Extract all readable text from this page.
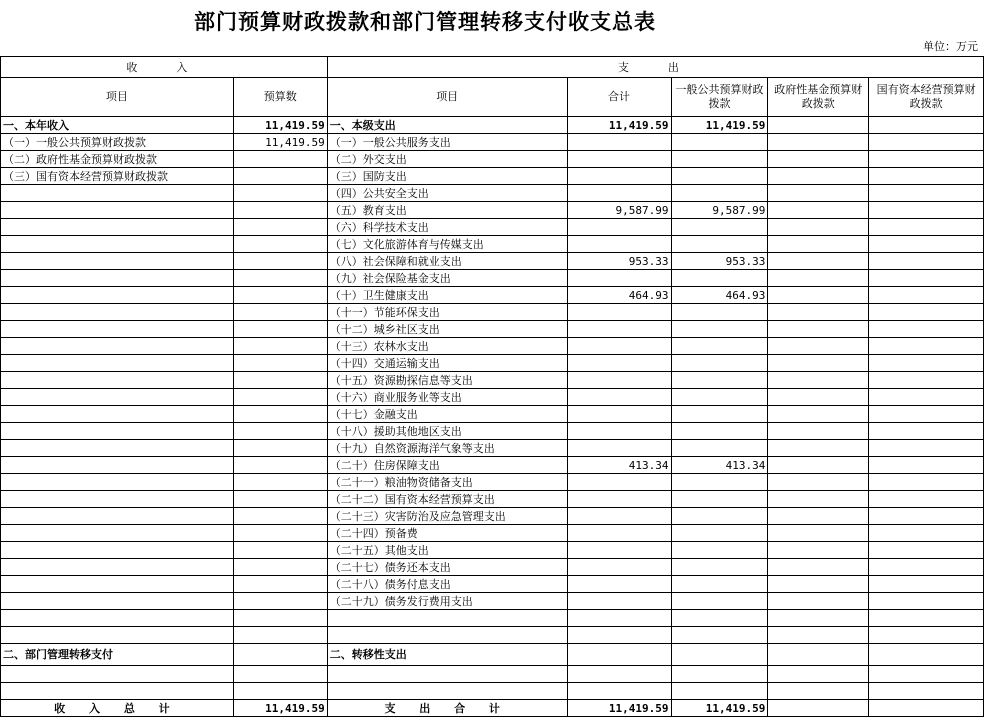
部门预算财政拨款和部门管理转移支付收支总表
单位：万元
收　入		支　出				
项目	预算数	项目	合计	一般公共预算财政拨款	政府性基金预算财政拨款	国有资本经营预算财政拨款
一、本年收入	11,419.59	一、本级支出	11,419.59	11,419.59		
（一）一般公共预算财政拨款	11,419.59	（一）一般公共服务支出				
（二）政府性基金预算财政拨款		（二）外交支出				
（三）国有资本经营预算财政拨款		（三）国防支出				
		（四）公共安全支出				
		（五）教育支出	9,587.99	9,587.99		
		（六）科学技术支出				
		（七）文化旅游体育与传媒支出				
		（八）社会保障和就业支出	953.33	953.33		
		（九）社会保险基金支出				
		（十）卫生健康支出	464.93	464.93		
		（十一）节能环保支出				
		（十二）城乡社区支出				
		（十三）农林水支出				
		（十四）交通运输支出				
		（十五）资源勘探信息等支出				
		（十六）商业服务业等支出				
		（十七）金融支出				
		（十八）援助其他地区支出				
		（十九）自然资源海洋气象等支出				
		（二十）住房保障支出	413.34	413.34		
		（二十一）粮油物资储备支出				
		（二十二）国有资本经营预算支出				
		（二十三）灾害防治及应急管理支出				
		（二十四）预备费				
		（二十五）其他支出				
		（二十七）债务还本支出				
		（二十八）债务付息支出				
		（二十九）债务发行费用支出				

二、部门管理转移支付		二、转移性支出				

收 入 总 计	11,419.59	支 出 合 计	11,419.59	11,419.59		
